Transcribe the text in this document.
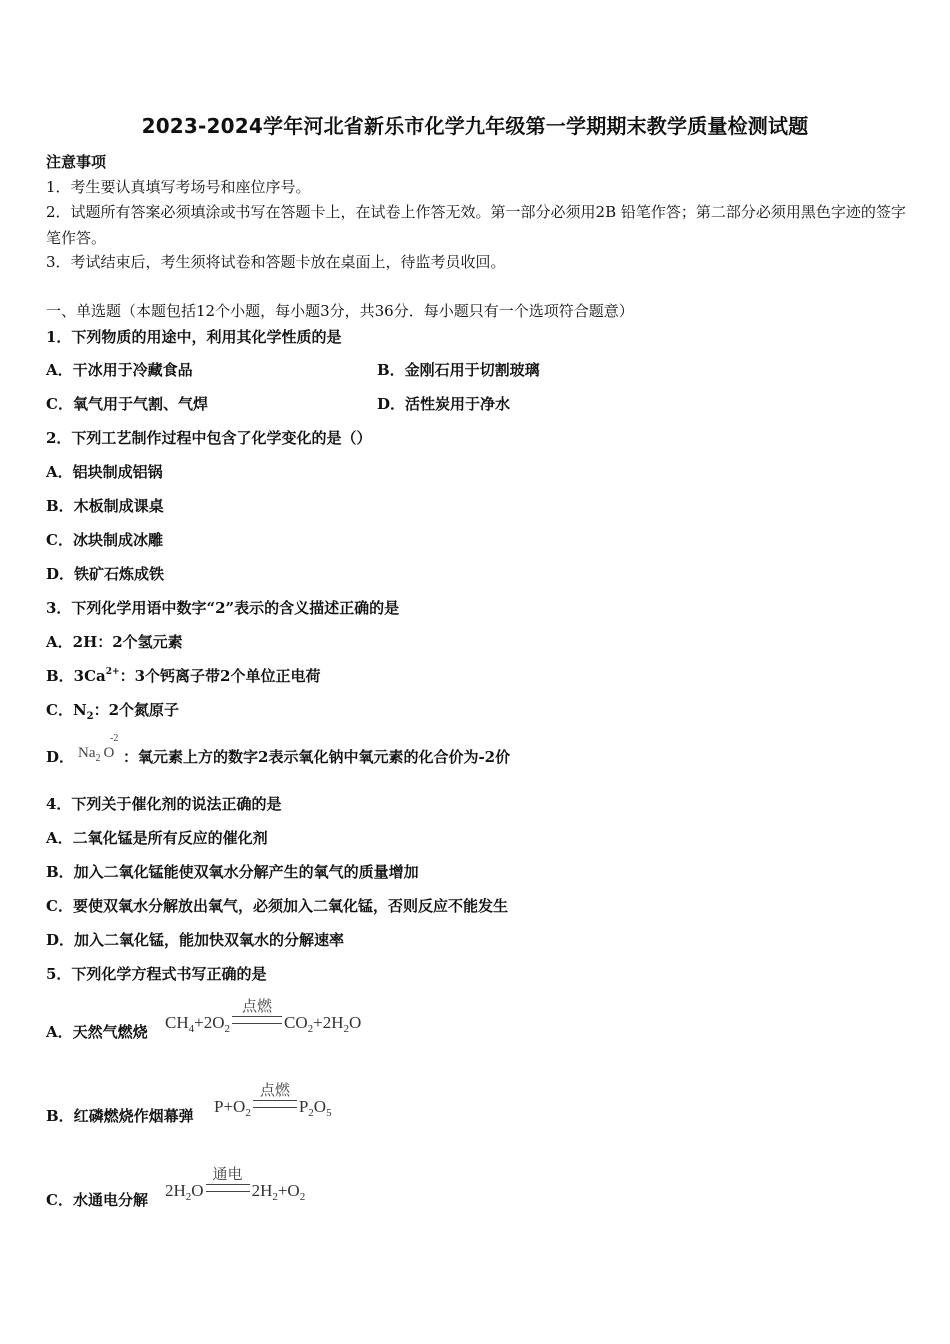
2023-2024学年河北省新乐市化学九年级第一学期期末教学质量检测试题
注意事项
1．考生要认真填写考场号和座位序号。
2．试题所有答案必须填涂或书写在答题卡上，在试卷上作答无效。第一部分必须用2B 铅笔作答；第二部分必须用黑色字迹的签字笔作答。
3．考试结束后，考生须将试卷和答题卡放在桌面上，待监考员收回。
一、单选题（本题包括12个小题，每小题3分，共36分．每小题只有一个选项符合题意）
1．下列物质的用途中，利用其化学性质的是
A．干冰用于冷藏食品	B．金刚石用于切割玻璃
C．氧气用于气割、气焊	D．活性炭用于净水
2．下列工艺制作过程中包含了化学变化的是（）
A．铝块制成铝锅
B．木板制成课桌
C．冰块制成冰雕
D．铁矿石炼成铁
3．下列化学用语中数字“2”表示的含义描述正确的是
A．2H：2个氢元素
B．$3Ca^{2+}$：3个钙离子带2个单位正电荷
C．$N_2$：2个氮原子
D． $Na_2$ O
-2
：氧元素上方的数字2表示氧化钠中氧元素的化合价为-2价
4．下列关于催化剂的说法正确的是
A．二氧化锰是所有反应的催化剂
B．加入二氧化锰能使双氧水分解产生的氧气的质量增加
C．要使双氧水分解放出氧气，必须加入二氧化锰，否则反应不能发生
D．加入二氧化锰，能加快双氧水的分解速率
5．下列化学方程式书写正确的是
A．天然气燃烧 $CH_4+2O_2$
点燃
$CO_2+2H_2O$
B．红磷燃烧作烟幕弹 $P+O_2$
点燃
$P_2O_5$
C．水通电分解 $2H_2O$
通电
$2H_2+O_2$
